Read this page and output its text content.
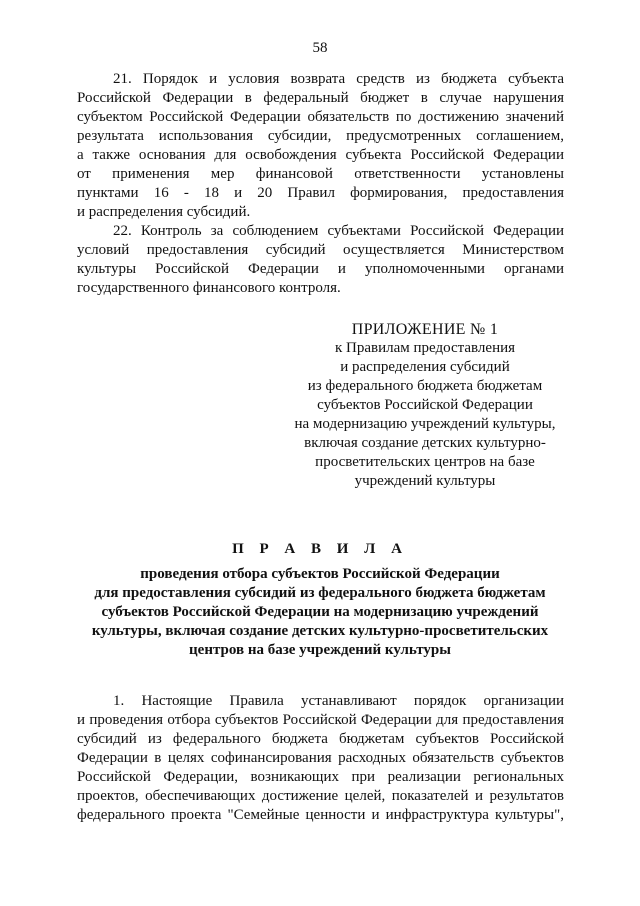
58

21. Порядок и условия возврата средств из бюджета субъекта
Российской Федерации в федеральный бюджет в случае нарушения
субъектом Российской Федерации обязательств по достижению значений
результата использования субсидии, предусмотренных соглашением,
а также основания для освобождения субъекта Российской Федерации
от применения мер финансовой ответственности установлены
пунктами 16 - 18 и 20 Правил формирования, предоставления
и распределения субсидий.

22. Контроль за соблюдением субъектами Российской Федерации
условий предоставления субсидий осуществляется Министерством
культуры Российской Федерации и уполномоченными органами
государственного финансового контроля.

ПРИЛОЖЕНИЕ № 1
к Правилам предоставления
и распределения субсидий
из федерального бюджета бюджетам
субъектов Российской Федерации
на модернизацию учреждений культуры,
включая создание детских культурно-
просветительских центров на базе
учреждений культуры
П Р А В И Л А
проведения отбора субъектов Российской Федерации
для предоставления субсидий из федерального бюджета бюджетам
субъектов Российской Федерации на модернизацию учреждений
культуры, включая создание детских культурно-просветительских
центров на базе учреждений культуры

1. Настоящие Правила устанавливают порядок организации
и проведения отбора субъектов Российской Федерации для предоставления
субсидий из федерального бюджета бюджетам субъектов Российской
Федерации в целях софинансирования расходных обязательств субъектов
Российской Федерации, возникающих при реализации региональных
проектов, обеспечивающих достижение целей, показателей и результатов
федерального проекта "Семейные ценности и инфраструктура культуры",
